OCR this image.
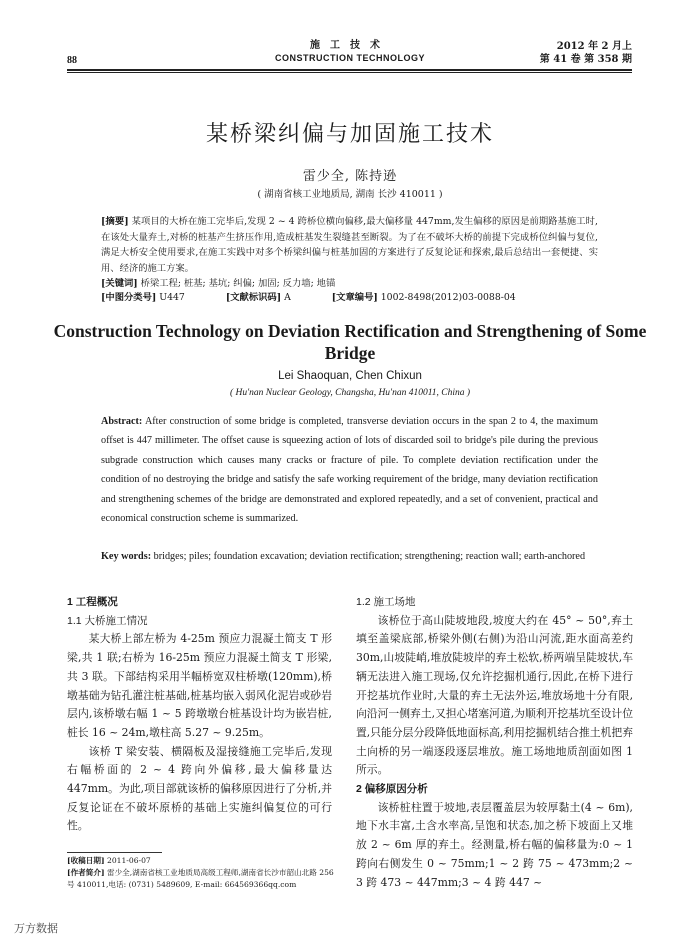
施工技术
CONSTRUCTION TECHNOLOGY
88
2012 年 2 月上
第 41 卷 第 358 期
某桥梁纠偏与加固施工技术
雷少全, 陈持逊
( 湖南省核工业地质局, 湖南 长沙 410011 )
[摘要] 某项目的大桥在施工完毕后,发现 2 ~ 4 跨桥位横向偏移,最大偏移量 447mm,发生偏移的原因是前期路基施工时,在该处大量弃土,对桥的桩基产生挤压作用,造成桩基发生裂缝甚至断裂。为了在不破坏大桥的前提下完成桥位纠偏与复位,满足大桥安全使用要求,在施工实践中对多个桥梁纠偏与桩基加固的方案进行了反复论证和探索,最后总结出一套便捷、实用、经济的施工方案。
[关键词] 桥梁工程; 桩基; 基坑; 纠偏; 加固; 反力墙; 地锚
[中图分类号] U447	[文献标识码] A	[文章编号] 1002-8498(2012)03-0088-04
Construction Technology on Deviation Rectification and Strengthening of Some Bridge
Lei Shaoquan, Chen Chixun
( Hu'nan Nuclear Geology, Changsha, Hu'nan 410011, China )
Abstract: After construction of some bridge is completed, transverse deviation occurs in the span 2 to 4, the maximum offset is 447 millimeter. The offset cause is squeezing action of lots of discarded soil to bridge's pile during the previous subgrade construction which causes many cracks or fracture of pile. To complete deviation rectification under the condition of no destroying the bridge and satisfy the safe working requirement of the bridge, many deviation rectification and strengthening schemes of the bridge are demonstrated and explored repeatedly, and a set of convenient, practical and economical construction scheme is summarized.
Key words: bridges; piles; foundation excavation; deviation rectification; strengthening; reaction wall; earth-anchored
1 工程概况
1.1 大桥施工情况

某大桥上部左桥为 4-25m 预应力混凝土简支 T 形梁,共 1 联;右桥为 16-25m 预应力混凝土简支 T 形梁,共 3 联。下部结构采用半幅桥宽双柱桥墩(120mm),桥墩基础为钻孔灌注桩基础,桩基均嵌入弱风化泥岩或砂岩层内,该桥墩右幅 1 ~ 5 跨墩墩台桩基设计均为嵌岩桩,桩长 16 ~ 24m,墩柱高 5.27 ~ 9.25m。

该桥 T 梁安装、横隔板及湿接缝施工完毕后,发现右幅桥面的 2 ~ 4 跨向外偏移,最大偏移量达 447mm。为此,项目部就该桥的偏移原因进行了分析,并反复论证在不破坏原桥的基础上实施纠偏复位的可行性。

1.2 施工场地

该桥位于高山陡坡地段,坡度大约在 45° ~ 50°,弃土填至盖梁底部,桥梁外侧(右侧)为沿山河流,距水面高差约 30m,山坡陡峭,堆放陡坡岸的弃土松软,桥两端呈陡坡状,车辆无法进入施工现场,仅允许挖掘机通行,因此,在桥下进行开挖基坑作业时,大量的弃土无法外运,堆放场地十分有限,向沿河一侧弃土,又担心堵塞河道,为顺利开挖基坑至设计位置,只能分层分段降低地面标高,利用挖掘机结合推土机把弃土向桥的另一端逐段逐层堆放。施工场地地质剖面如图 1 所示。

2 偏移原因分析

该桥桩柱置于坡地,表层覆盖层为较厚黏土(4 ~ 6m),地下水丰富,土含水率高,呈饱和状态,加之桥下坡面上又堆放 2 ~ 6m 厚的弃土。经测量,桥右幅的偏移量为:0 ~ 1 跨向右侧发生 0 ~ 75mm;1 ~ 2 跨 75 ~ 473mm;2 ~ 3 跨 473 ~ 447mm;3 ~ 4 跨 447 ~

[收稿日期] 2011-06-07
[作者简介] 雷少全,湖南省核工业地质局高级工程师,湖南省长沙市韶山北路 256 号 410011,电话: (0731) 5489609, E-mail: 664569366qq.com
万方数据
